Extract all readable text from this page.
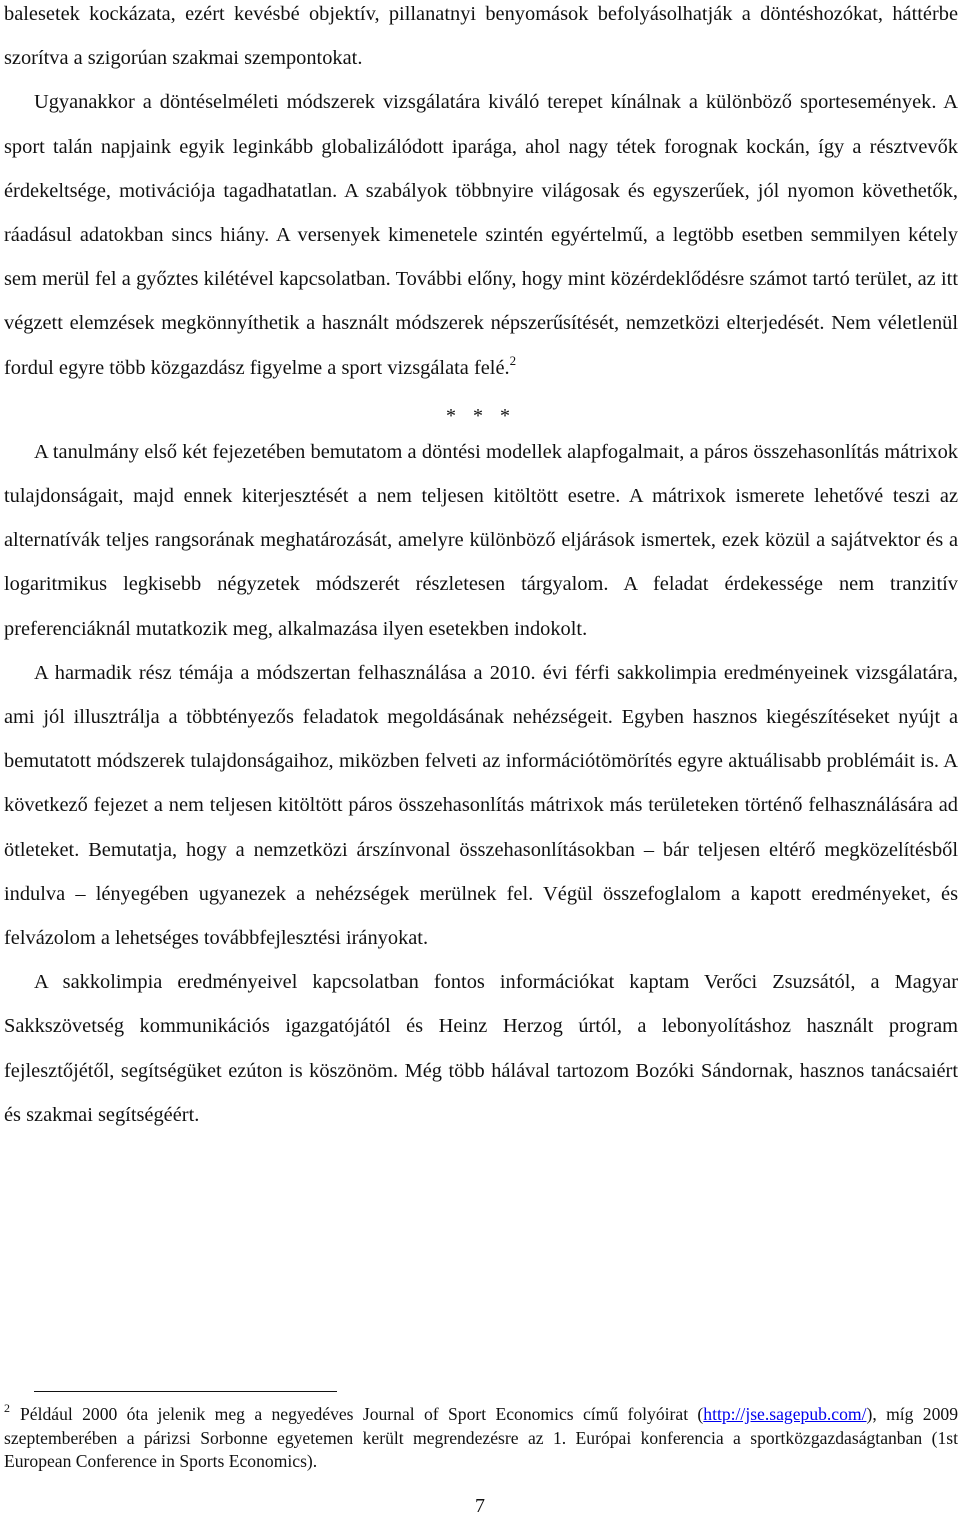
balesetek kockázata, ezért kevésbé objektív, pillanatnyi benyomások befolyásolhatják a döntéshozókat, háttérbe szorítva a szigorúan szakmai szempontokat.

Ugyanakkor a döntéselméleti módszerek vizsgálatára kiváló terepet kínálnak a különböző sportesemények. A sport talán napjaink egyik leginkább globalizálódott iparága, ahol nagy tétek forognak kockán, így a résztvevők érdekeltsége, motivációja tagadhatatlan. A szabályok többnyire világosak és egyszerűek, jól nyomon követhetők, ráadásul adatokban sincs hiány. A versenyek kimenetele szintén egyértelmű, a legtöbb esetben semmilyen kétely sem merül fel a győztes kilétével kapcsolatban. További előny, hogy mint közérdeklődésre számot tartó terület, az itt végzett elemzések megkönnyíthetik a használt módszerek népszerűsítését, nemzetközi elterjedését. Nem véletlenül fordul egyre több közgazdász figyelme a sport vizsgálata felé.$^2$

* * *

A tanulmány első két fejezetében bemutatom a döntési modellek alapfogalmait, a páros összehasonlítás mátrixok tulajdonságait, majd ennek kiterjesztését a nem teljesen kitöltött esetre. A mátrixok ismerete lehetővé teszi az alternatívák teljes rangsorának meghatározását, amelyre különböző eljárások ismertek, ezek közül a sajátvektor és a logaritmikus legkisebb négyzetek módszerét részletesen tárgyalom. A feladat érdekessége nem tranzitív preferenciáknál mutatkozik meg, alkalmazása ilyen esetekben indokolt.

A harmadik rész témája a módszertan felhasználása a 2010. évi férfi sakkolimpia eredményeinek vizsgálatára, ami jól illusztrálja a többtényezős feladatok megoldásának nehézségeit. Egyben hasznos kiegészítéseket nyújt a bemutatott módszerek tulajdonságaihoz, miközben felveti az információtömörítés egyre aktuálisabb problémáit is. A következő fejezet a nem teljesen kitöltött páros összehasonlítás mátrixok más területeken történő felhasználására ad ötleteket. Bemutatja, hogy a nemzetközi árszínvonal összehasonlításokban – bár teljesen eltérő megközelítésből indulva – lényegében ugyanezek a nehézségek merülnek fel. Végül összefoglalom a kapott eredményeket, és felvázolom a lehetséges továbbfejlesztési irányokat.

A sakkolimpia eredményeivel kapcsolatban fontos információkat kaptam Verőci Zsuzsától, a Magyar Sakkszövetség kommunikációs igazgatójától és Heinz Herzog úrtól, a lebonyolításhoz használt program fejlesztőjétől, segítségüket ezúton is köszönöm. Még több hálával tartozom Bozóki Sándornak, hasznos tanácsaiért és szakmai segítségéért.

$^2$ Például 2000 óta jelenik meg a negyedéves Journal of Sport Economics című folyóirat (http://jse.sagepub.com/), míg 2009 szeptemberében a párizsi Sorbonne egyetemen került megrendezésre az 1. Európai konferencia a sportközgazdaságtanban (1st European Conference in Sports Economics).

7
